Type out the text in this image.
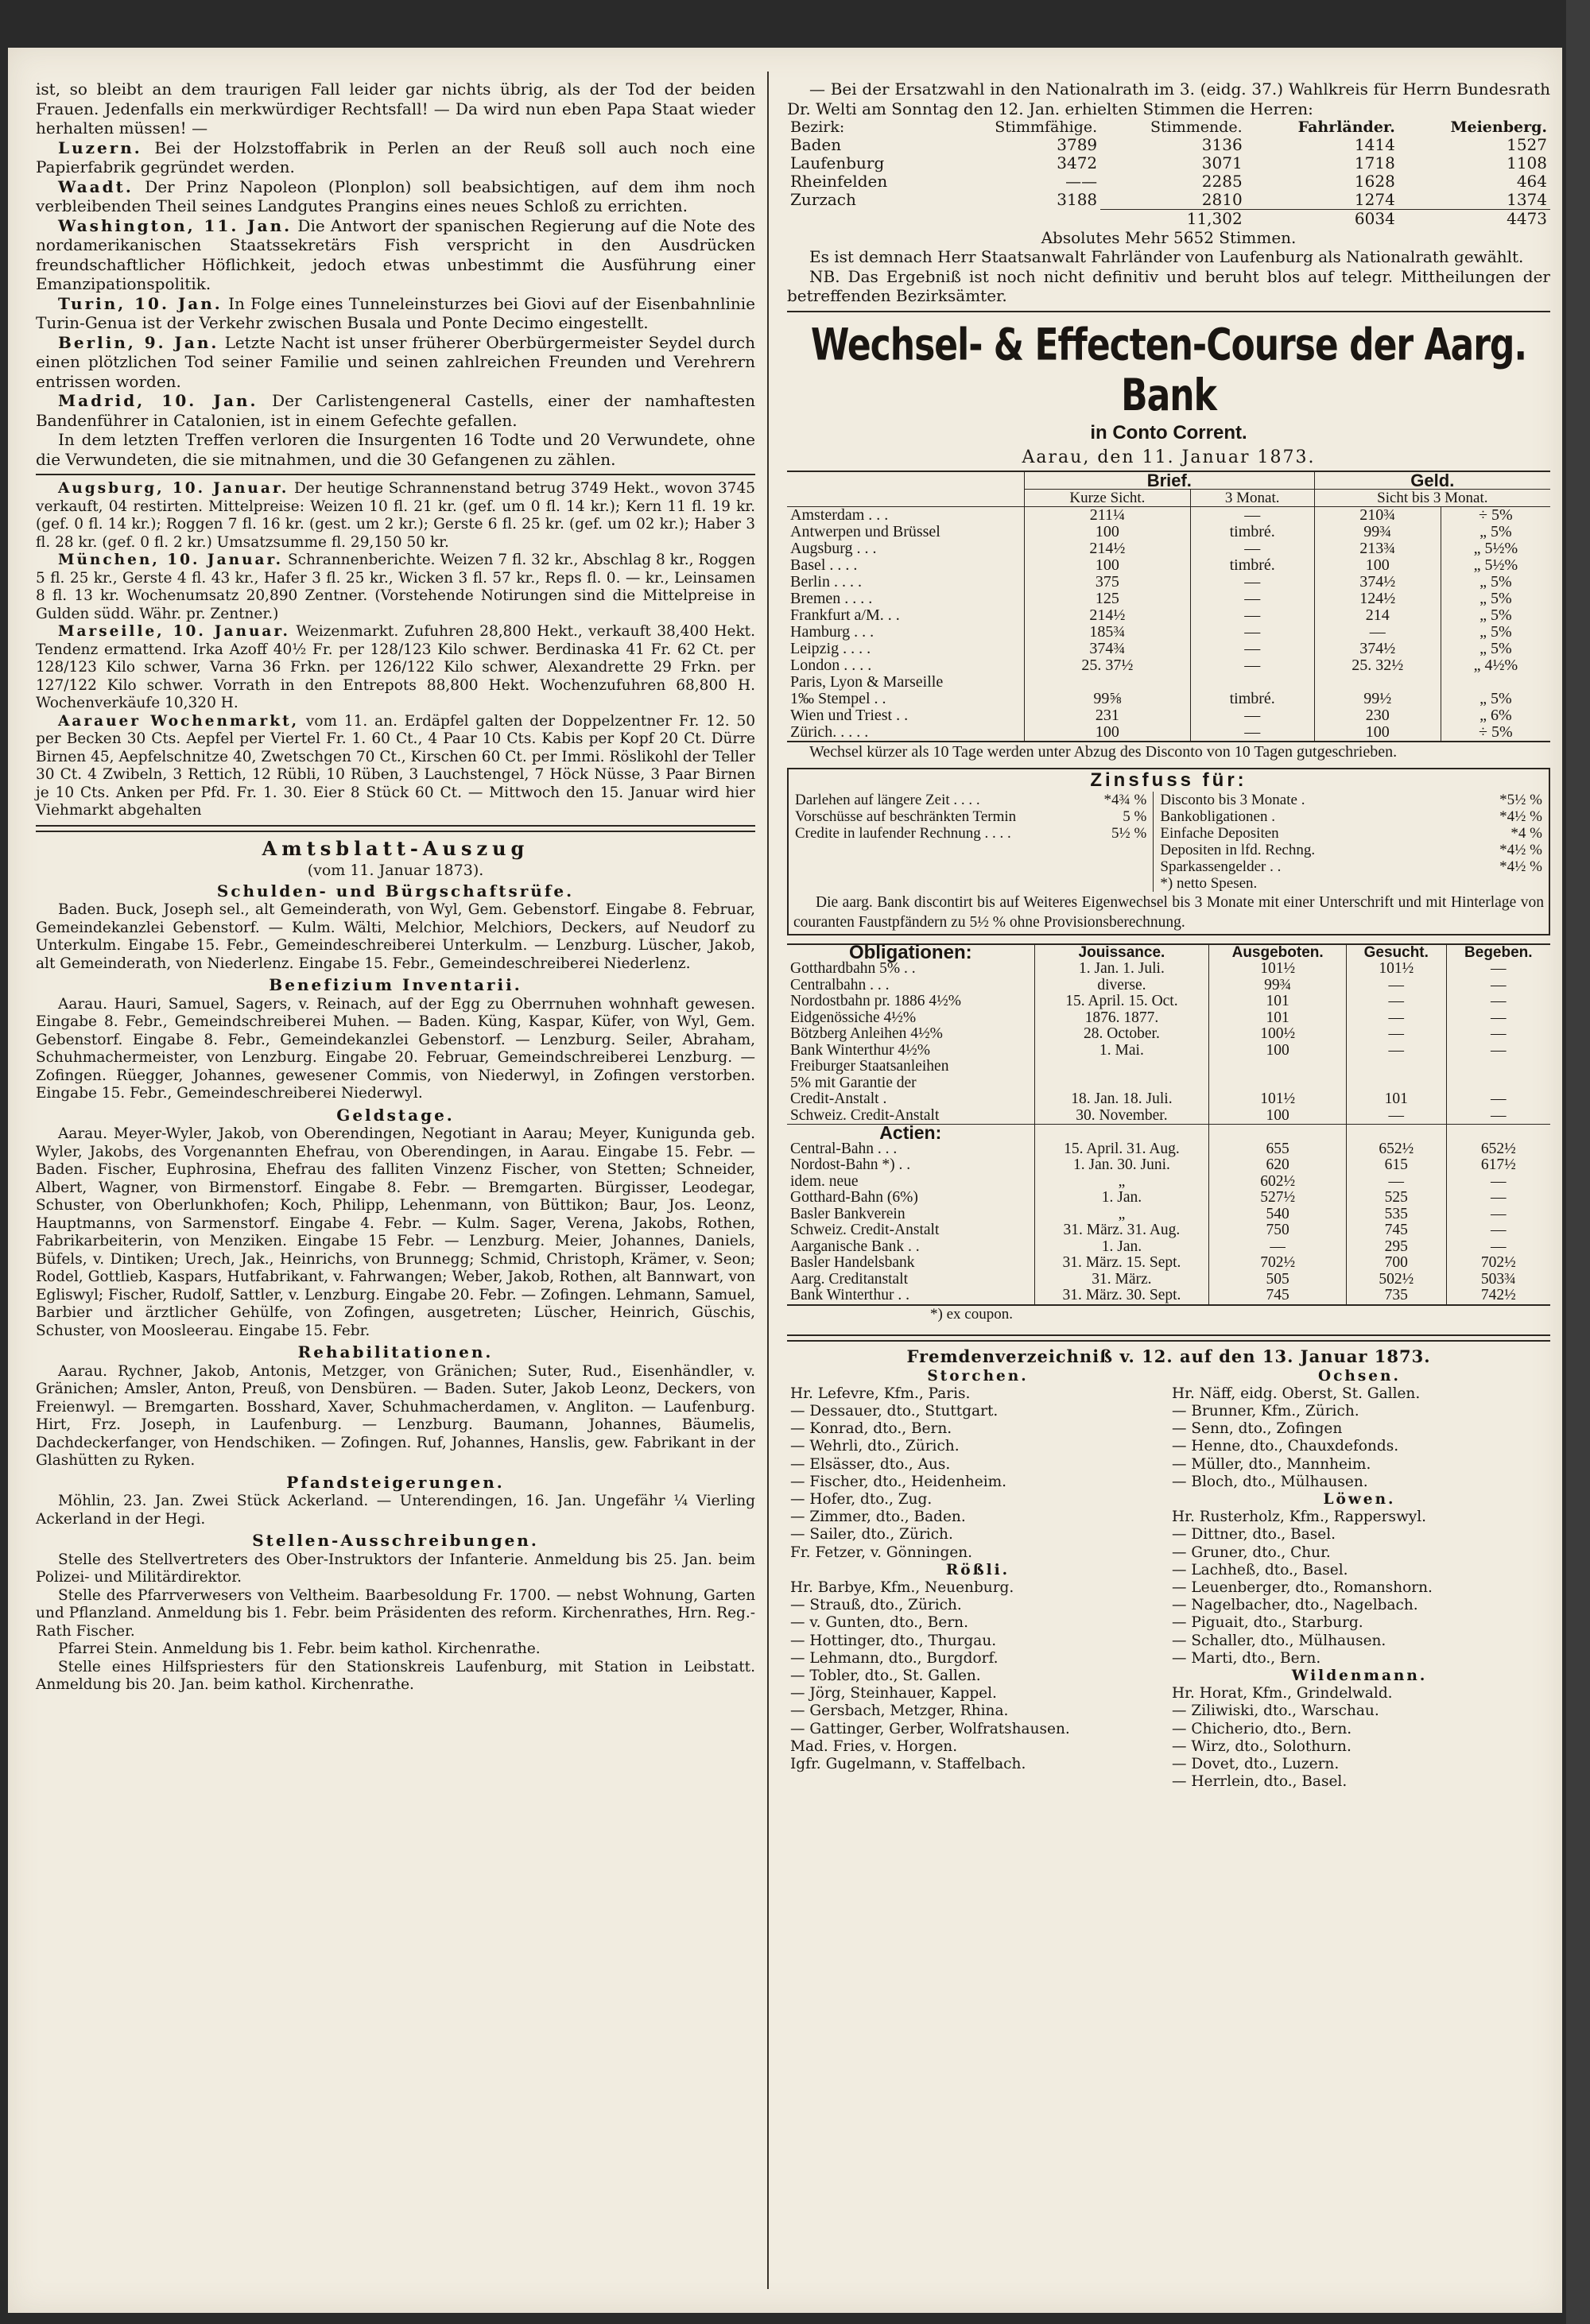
ist, so bleibt an dem traurigen Fall leider gar nichts übrig, als der Tod der beiden Frauen. Jedenfalls ein merkwürdiger Rechtsfall! — Da wird nun eben Papa Staat wieder herhalten müssen! —

Luzern. Bei der Holzstoffabrik in Perlen an der Reuß soll auch noch eine Papierfabrik gegründet werden.

Waadt. Der Prinz Napoleon (Plonplon) soll beabsichtigen, auf dem ihm noch verbleibenden Theil seines Landgutes Prangins eines neues Schloß zu errichten.

Washington, 11. Jan. Die Antwort der spanischen Regierung auf die Note des nordamerikanischen Staatssekretärs Fish verspricht in den Ausdrücken freundschaftlicher Höflichkeit, jedoch etwas unbestimmt die Ausführung einer Emanzipationspolitik.

Turin, 10. Jan. In Folge eines Tunneleinsturzes bei Giovi auf der Eisenbahnlinie Turin-Genua ist der Verkehr zwischen Busala und Ponte Decimo eingestellt.

Berlin, 9. Jan. Letzte Nacht ist unser früherer Oberbürgermeister Seydel durch einen plötzlichen Tod seiner Familie und seinen zahlreichen Freunden und Verehrern entrissen worden.

Madrid, 10. Jan. Der Carlistengeneral Castells, einer der namhaftesten Bandenführer in Catalonien, ist in einem Gefechte gefallen.

In dem letzten Treffen verloren die Insurgenten 16 Todte und 20 Verwundete, ohne die Verwundeten, die sie mitnahmen, und die 30 Gefangenen zu zählen.

Augsburg, 10. Januar. Der heutige Schrannenstand betrug 3749 Hekt., wovon 3745 verkauft, 04 restirten. Mittelpreise: Weizen 10 fl. 21 kr. (gef. um 0 fl. 14 kr.); Kern 11 fl. 19 kr. (gef. 0 fl. 14 kr.); Roggen 7 fl. 16 kr. (gest. um 2 kr.); Gerste 6 fl. 25 kr. (gef. um 02 kr.); Haber 3 fl. 28 kr. (gef. 0 fl. 2 kr.) Umsatzsumme fl. 29,150 50 kr.

München, 10. Januar. Schrannenberichte. Weizen 7 fl. 32 kr., Abschlag 8 kr., Roggen 5 fl. 25 kr., Gerste 4 fl. 43 kr., Hafer 3 fl. 25 kr., Wicken 3 fl. 57 kr., Reps fl. 0. — kr., Leinsamen 8 fl. 13 kr. Wochenumsatz 20,890 Zentner. (Vorstehende Notirungen sind die Mittelpreise in Gulden südd. Währ. pr. Zentner.)

Marseille, 10. Januar. Weizenmarkt. Zufuhren 28,800 Hekt., verkauft 38,400 Hekt. Tendenz ermattend. Irka Azoff 40½ Fr. per 128/123 Kilo schwer. Berdinaska 41 Fr. 62 Ct. per 128/123 Kilo schwer, Varna 36 Frkn. per 126/122 Kilo schwer, Alexandrette 29 Frkn. per 127/122 Kilo schwer. Vorrath in den Entrepots 88,800 Hekt. Wochenzufuhren 68,800 H. Wochenverkäufe 10,320 H.

Aarauer Wochenmarkt, vom 11. an. Erdäpfel galten der Doppelzentner Fr. 12. 50 per Becken 30 Cts. Aepfel per Viertel Fr. 1. 60 Ct., 4 Paar 10 Cts. Kabis per Kopf 20 Ct. Dürre Birnen 45, Aepfelschnitze 40, Zwetschgen 70 Ct., Kirschen 60 Ct. per Immi. Röslikohl der Teller 30 Ct. 4 Zwibeln, 3 Rettich, 12 Rübli, 10 Rüben, 3 Lauchstengel, 7 Höck Nüsse, 3 Paar Birnen je 10 Cts. Anken per Pfd. Fr. 1. 30. Eier 8 Stück 60 Ct. — Mittwoch den 15. Januar wird hier Viehmarkt abgehalten

Amtsblatt-Auszug
(vom 11. Januar 1873).
Schulden- und Bürgschaftsrüfe.

Baden. Buck, Joseph sel., alt Gemeinderath, von Wyl, Gem. Gebenstorf. Eingabe 8. Februar, Gemeindekanzlei Gebenstorf. — Kulm. Wälti, Melchior, Melchiors, Deckers, auf Neudorf zu Unterkulm. Eingabe 15. Febr., Gemeindeschreiberei Unterkulm. — Lenzburg. Lüscher, Jakob, alt Gemeinderath, von Niederlenz. Eingabe 15. Febr., Gemeindeschreiberei Niederlenz.

Benefizium Inventarii.

Aarau. Hauri, Samuel, Sagers, v. Reinach, auf der Egg zu Oberrnuhen wohnhaft gewesen. Eingabe 8. Febr., Gemeindschreiberei Muhen. — Baden. Küng, Kaspar, Küfer, von Wyl, Gem. Gebenstorf. Eingabe 8. Febr., Gemeindekanzlei Gebenstorf. — Lenzburg. Seiler, Abraham, Schuhmachermeister, von Lenzburg. Eingabe 20. Februar, Gemeindschreiberei Lenzburg. — Zofingen. Rüegger, Johannes, gewesener Commis, von Niederwyl, in Zofingen verstorben. Eingabe 15. Febr., Gemeindeschreiberei Niederwyl.

Geldstage.

Aarau. Meyer-Wyler, Jakob, von Oberendingen, Negotiant in Aarau; Meyer, Kunigunda geb. Wyler, Jakobs, des Vorgenannten Ehefrau, von Oberendingen, in Aarau. Eingabe 15. Febr. — Baden. Fischer, Euphrosina, Ehefrau des falliten Vinzenz Fischer, von Stetten; Schneider, Albert, Wagner, von Birmenstorf. Eingabe 8. Febr. — Bremgarten. Bürgisser, Leodegar, Schuster, von Oberlunkhofen; Koch, Philipp, Lehenmann, von Büttikon; Baur, Jos. Leonz, Hauptmanns, von Sarmenstorf. Eingabe 4. Febr. — Kulm. Sager, Verena, Jakobs, Rothen, Fabrikarbeiterin, von Menziken. Eingabe 15 Febr. — Lenzburg. Meier, Johannes, Daniels, Büfels, v. Dintiken; Urech, Jak., Heinrichs, von Brunnegg; Schmid, Christoph, Krämer, v. Seon; Rodel, Gottlieb, Kaspars, Hutfabrikant, v. Fahrwangen; Weber, Jakob, Rothen, alt Bannwart, von Egliswyl; Fischer, Rudolf, Sattler, v. Lenzburg. Eingabe 20. Febr. — Zofingen. Lehmann, Samuel, Barbier und ärztlicher Gehülfe, von Zofingen, ausgetreten; Lüscher, Heinrich, Güschis, Schuster, von Moosleerau. Eingabe 15. Febr.

Rehabilitationen.

Aarau. Rychner, Jakob, Antonis, Metzger, von Gränichen; Suter, Rud., Eisenhändler, v. Gränichen; Amsler, Anton, Preuß, von Densbüren. — Baden. Suter, Jakob Leonz, Deckers, von Freienwyl. — Bremgarten. Bosshard, Xaver, Schuhmacherdamen, v. Angliton. — Laufenburg. Hirt, Frz. Joseph, in Laufenburg. — Lenzburg. Baumann, Johannes, Bäumelis, Dachdeckerfanger, von Hendschiken. — Zofingen. Ruf, Johannes, Hanslis, gew. Fabrikant in der Glashütten zu Ryken.

Pfandsteigerungen.

Möhlin, 23. Jan. Zwei Stück Ackerland. — Unterendingen, 16. Jan. Ungefähr ¼ Vierling Ackerland in der Hegi.

Stellen-Ausschreibungen.

Stelle des Stellvertreters des Ober-Instruktors der Infanterie. Anmeldung bis 25. Jan. beim Polizei- und Militärdirektor.

Stelle des Pfarrverwesers von Veltheim. Baarbesoldung Fr. 1700. — nebst Wohnung, Garten und Pflanzland. Anmeldung bis 1. Febr. beim Präsidenten des reform. Kirchenrathes, Hrn. Reg.-Rath Fischer.

Pfarrei Stein. Anmeldung bis 1. Febr. beim kathol. Kirchenrathe.

Stelle eines Hilfspriesters für den Stationskreis Laufenburg, mit Station in Leibstatt. Anmeldung bis 20. Jan. beim kathol. Kirchenrathe.

— Bei der Ersatzwahl in den Nationalrath im 3. (eidg. 37.) Wahlkreis für Herrn Bundesrath Dr. Welti am Sonntag den 12. Jan. erhielten Stimmen die Herren:

Bezirk:	Stimmfähige.	Stimmende.	Fahrländer.	Meienberg.
Baden	3789	3136	1414	1527
Laufenburg	3472	3071	1718	1108
Rheinfelden	——	2285	1628	464
Zurzach	3188	2810	1274	1374
		11,302	6034	4473
Absolutes Mehr 5652 Stimmen.

Es ist demnach Herr Staatsanwalt Fahrländer von Laufenburg als Nationalrath gewählt.

NB. Das Ergebniß ist noch nicht definitiv und beruht blos auf telegr. Mittheilungen der betreffenden Bezirksämter.

Wechsel- & Effecten-Course der Aarg. Bank
in Conto Corrent.
Aarau, den 11. Januar 1873.
	Brief.		Geld.	
	Kurze Sicht.	3 Monat.	Sicht bis 3 Monat.	
Amsterdam . . .	211¼	—	210¾	÷ 5%
Antwerpen und Brüssel	100	timbré.	99¾	„ 5%
Augsburg . . .	214½	—	213¾	„ 5½%
Basel . . . .	100	timbré.	100	„ 5½%
Berlin . . . .	375	—	374½	„ 5%
Bremen . . . .	125	—	124½	„ 5%
Frankfurt a/M. . .	214½	—	214	„ 5%
Hamburg . . .	185¾	—	—	„ 5%
Leipzig . . . .	374¾	—	374½	„ 5%
London . . . .	25. 37½	—	25. 32½	„ 4½%
Paris, Lyon & Marseille				
1‰ Stempel . .	99⅝	timbré.	99½	„ 5%
Wien und Triest . .	231	—	230	„ 6%
Zürich. . . . .	100	—	100	÷ 5%

Wechsel kürzer als 10 Tage werden unter Abzug des Disconto von 10 Tagen gutgeschrieben.

Zinsfuss für:
Darlehen auf längere Zeit . . . .	*4¾ %
Vorschüsse auf beschränkten Termin	5 %
Credite in laufender Rechnung . . . .	5½ %

Disconto bis 3 Monate .	*5½ %
Bankobligationen .	*4½ %
Einfache Depositen	*4 %
Depositen in lfd. Rechng.	*4½ %
Sparkassengelder . .	*4½ %
*) netto Spesen.	

Die aarg. Bank discontirt bis auf Weiteres Eigenwechsel bis 3 Monate mit einer Unterschrift und mit Hinterlage von couranten Faustpfändern zu 5½ % ohne Provisionsberechnung.

Obligationen:	Jouissance.	Ausgeboten.	Gesucht.	Begeben.
Gotthardbahn 5% . .	1. Jan. 1. Juli.	101½	101½	—
Centralbahn . . .	diverse.	99¾	—	—
Nordostbahn pr. 1886 4½%	15. April. 15. Oct.	101	—	—
Eidgenössiche 4½%	1876. 1877.	101	—	—
Bötzberg Anleihen 4½%	28. October.	100½	—	—
Bank Winterthur 4½%	1. Mai.	100	—	—
Freiburger Staatsanleihen				
5% mit Garantie der				
Credit-Anstalt .	18. Jan. 18. Juli.	101½	101	—
Schweiz. Credit-Anstalt	30. November.	100	—	—
Actien:				
Central-Bahn . . .	15. April. 31. Aug.	655	652½	652½
Nordost-Bahn *) . .	1. Jan. 30. Juni.	620	615	617½
idem. neue	„	602½	—	—
Gotthard-Bahn (6%)	1. Jan.	527½	525	—
Basler Bankverein	„	540	535	—
Schweiz. Credit-Anstalt	31. März. 31. Aug.	750	745	—
Aarganische Bank . .	1. Jan.	—	295	—
Basler Handelsbank	31. März. 15. Sept.	702½	700	702½
Aarg. Creditanstalt	31. März.	505	502½	503¾
Bank Winterthur . .	31. März. 30. Sept.	745	735	742½
*) ex coupon.
Fremdenverzeichniß v. 12. auf den 13. Januar 1873.
Storchen.
Hr. Lefevre, Kfm., Paris.
— Dessauer, dto., Stuttgart.
— Konrad, dto., Bern.
— Wehrli, dto., Zürich.
— Elsässer, dto., Aus.
— Fischer, dto., Heidenheim.
— Hofer, dto., Zug.
— Zimmer, dto., Baden.
— Sailer, dto., Zürich.
Fr. Fetzer, v. Gönningen.
Rößli.
Hr. Barbye, Kfm., Neuenburg.
— Strauß, dto., Zürich.
— v. Gunten, dto., Bern.
— Hottinger, dto., Thurgau.
— Lehmann, dto., Burgdorf.
— Tobler, dto., St. Gallen.
— Jörg, Steinhauer, Kappel.
— Gersbach, Metzger, Rhina.
— Gattinger, Gerber, Wolfratshausen.
Mad. Fries, v. Horgen.
Igfr. Gugelmann, v. Staffelbach.

Ochsen.
Hr. Näff, eidg. Oberst, St. Gallen.
— Brunner, Kfm., Zürich.
— Senn, dto., Zofingen
— Henne, dto., Chauxdefonds.
— Müller, dto., Mannheim.
— Bloch, dto., Mülhausen.
Löwen.
Hr. Rusterholz, Kfm., Rapperswyl.
— Dittner, dto., Basel.
— Gruner, dto., Chur.
— Lachheß, dto., Basel.
— Leuenberger, dto., Romanshorn.
— Nagelbacher, dto., Nagelbach.
— Piguait, dto., Starburg.
— Schaller, dto., Mülhausen.
— Marti, dto., Bern.
Wildenmann.
Hr. Horat, Kfm., Grindelwald.
— Ziliwiski, dto., Warschau.
— Chicherio, dto., Bern.
— Wirz, dto., Solothurn.
— Dovet, dto., Luzern.
— Herrlein, dto., Basel.
